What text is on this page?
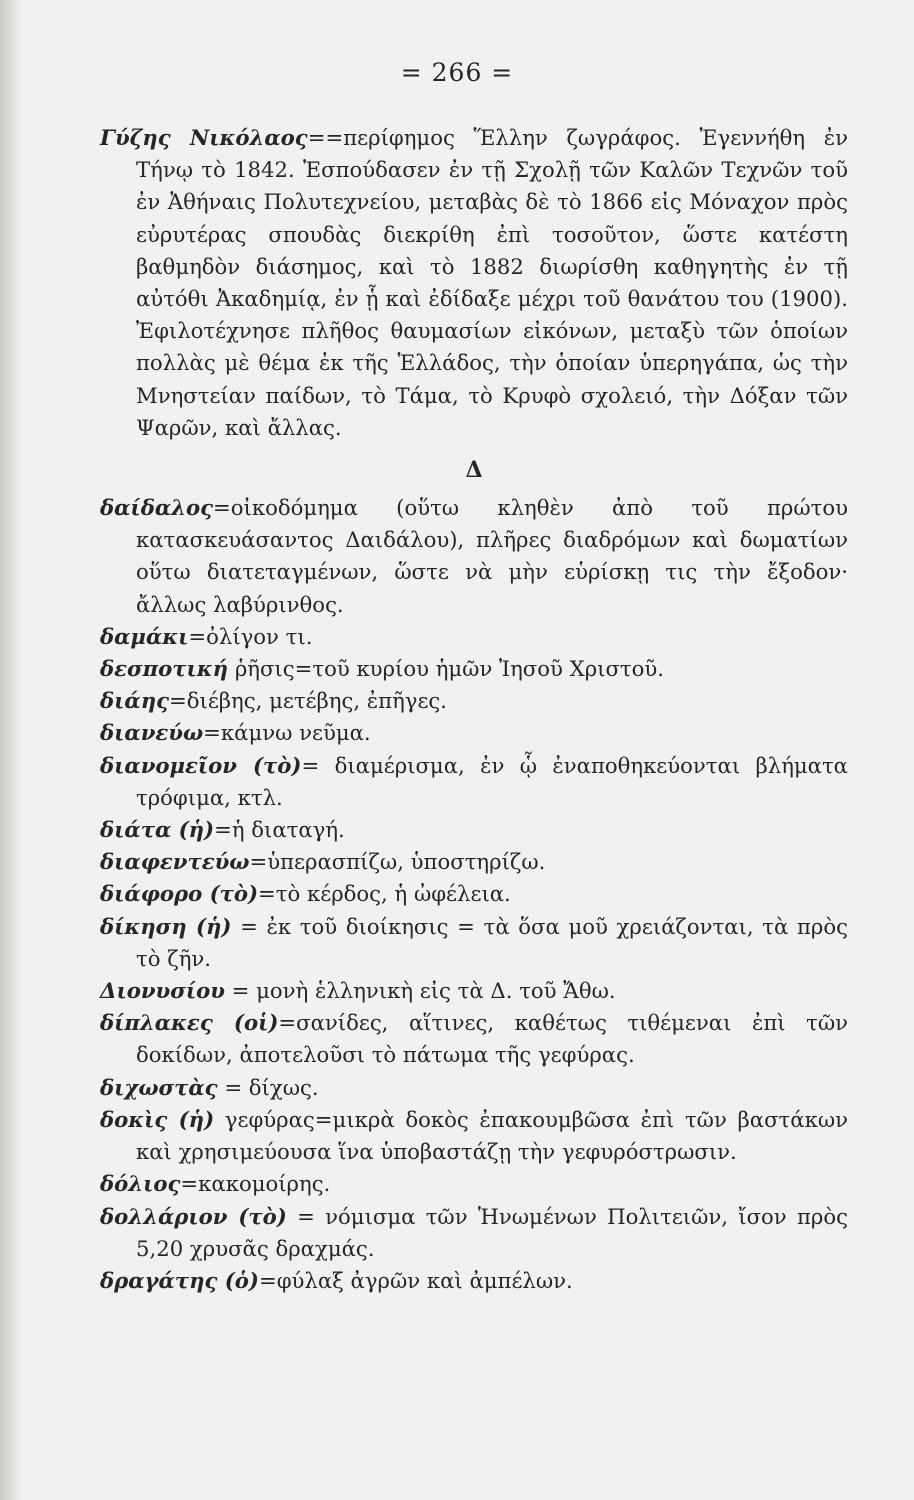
= 266 =

Γύζης Νικόλαος==περίφημος Ἕλλην ζωγράφος. Ἐγεννήθη ἐν Τήνῳ τὸ 1842. Ἐσπούδασεν ἐν τῇ Σχολῇ τῶν Καλῶν Τεχνῶν τοῦ ἐν Ἀθήναις Πολυτεχνείου, μεταβὰς δὲ τὸ 1866 εἰς Μόναχον πρὸς εὐρυτέρας σπουδὰς διεκρίθη ἐπὶ τοσοῦτον, ὥστε κατέστη βαθμηδὸν διάσημος, καὶ τὸ 1882 διωρίσθη καθηγητὴς ἐν τῇ αὐτόθι Ἀκαδημίᾳ, ἐν ᾗ καὶ ἐδίδαξε μέχρι τοῦ θανάτου του (1900). Ἐφιλοτέχνησε πλῆθος θαυμασίων εἰκόνων, μεταξὺ τῶν ὁποίων πολλὰς μὲ θέμα ἐκ τῆς Ἑλλάδος, τὴν ὁποίαν ὑπερηγάπα, ὡς τὴν Μνηστείαν παίδων, τὸ Τάμα, τὸ Κρυφὸ σχολειό, τὴν Δόξαν τῶν Ψαρῶν, καὶ ἄλλας.

Δ

δαίδαλος=οἰκοδόμημα (οὕτω κληθὲν ἀπὸ τοῦ πρώτου κατασκευάσαντος Δαιδάλου), πλῆρες διαδρόμων καὶ δωματίων οὕτω διατεταγμένων, ὥστε νὰ μὴν εὑρίσκῃ τις τὴν ἔξοδον· ἄλλως λαβύρινθος.

δαμάκι=ὀλίγον τι.

δεσποτική ῥῆσις=τοῦ κυρίου ἡμῶν Ἰησοῦ Χριστοῦ.

διάης=διέβης, μετέβης, ἐπῆγες.

διανεύω=κάμνω νεῦμα.

διανομεῖον (τὸ)= διαμέρισμα, ἐν ᾧ ἐναποθηκεύονται βλήματα τρόφιμα, κτλ.

διάτα (ἡ)=ἡ διαταγή.

διαφεντεύω=ὑπερασπίζω, ὑποστηρίζω.

διάφορο (τὸ)=τὸ κέρδος, ἡ ὠφέλεια.

δίκηση (ἡ) = ἐκ τοῦ διοίκησις = τὰ ὅσα μοῦ χρειάζονται, τὰ πρὸς τὸ ζῆν.

Διονυσίου = μονὴ ἑλληνικὴ εἰς τὰ Δ. τοῦ Ἄθω.

δίπλακες (οἱ)=σανίδες, αἵτινες, καθέτως τιθέμεναι ἐπὶ τῶν δοκίδων, ἀποτελοῦσι τὸ πάτωμα τῆς γεφύρας.

διχωστὰς = δίχως.

δοκὶς (ἡ) γεφύρας=μικρὰ δοκὸς ἐπακουμβῶσα ἐπὶ τῶν βαστάκων καὶ χρησιμεύουσα ἵνα ὑποβαστάζῃ τὴν γεφυρόστρωσιν.

δόλιος=κακομοίρης.

δολλάριον (τὸ) = νόμισμα τῶν Ἡνωμένων Πολιτειῶν, ἴσον πρὸς 5,20 χρυσᾶς δραχμάς.

δραγάτης (ὁ)=φύλαξ ἀγρῶν καὶ ἀμπέλων.
